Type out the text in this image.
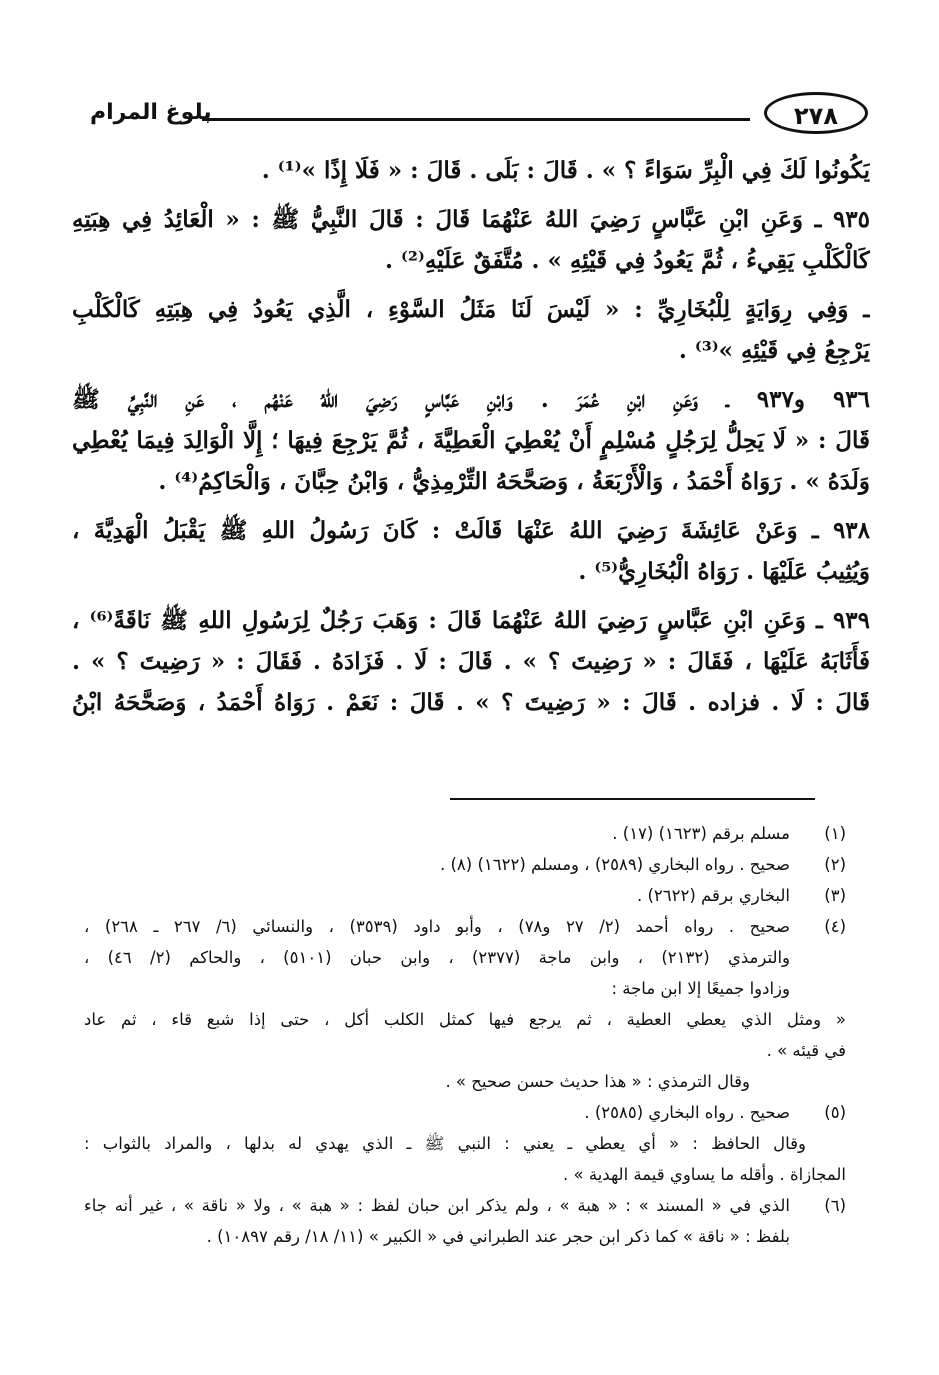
بلوغ المرام	٢٧٨
يَكُونُوا لَكَ فِي الْبِرِّ سَوَاءً ؟ » . قَالَ : بَلَى . قَالَ : « فَلَا إِذًا »⁽¹⁾ .
٩٣٥ ـ وَعَنِ ابْنِ عَبَّاسٍ رَضِيَ اللهُ عَنْهُمَا قَالَ : قَالَ النَّبِيُّ ﷺ : « الْعَائِدُ فِي هِبَتِهِ
كَالْكَلْبِ يَقِيءُ ، ثُمَّ يَعُودُ فِي قَيْئِهِ » . مُتَّفَقٌ عَلَيْهِ⁽²⁾ .
ـ وَفِي رِوَايَةٍ لِلْبُخَارِيِّ : « لَيْسَ لَنَا مَثَلُ السَّوْءِ ، الَّذِي يَعُودُ فِي هِبَتِهِ كَالْكَلْبِ
يَرْجِعُ فِي قَيْئِهِ »⁽³⁾ .
٩٣٦ و٩٣٧ ـ وَعَنِ ابْنِ عُمَرَ . وَابْنِ عَبَّاسٍ رَضِيَ اللهُ عَنْهُم ، عَنِ النَّبِيِّ ﷺ
قَالَ : « لَا يَحِلُّ لِرَجُلٍ مُسْلِمٍ أَنْ يُعْطِيَ الْعَطِيَّةَ ، ثُمَّ يَرْجِعَ فِيهَا ؛ إِلَّا الْوَالِدَ فِيمَا يُعْطِي
وَلَدَهُ » . رَوَاهُ أَحْمَدُ ، وَالْأَرْبَعَةُ ، وَصَحَّحَهُ التِّرْمِذِيُّ ، وَابْنُ حِبَّانَ ، وَالْحَاكِمُ⁽⁴⁾ .
٩٣٨ ـ وَعَنْ عَائِشَةَ رَضِيَ اللهُ عَنْهَا قَالَتْ : كَانَ رَسُولُ اللهِ ﷺ يَقْبَلُ الْهَدِيَّةَ ،
وَيُثِيبُ عَلَيْهَا . رَوَاهُ الْبُخَارِيُّ⁽⁵⁾ .
٩٣٩ ـ وَعَنِ ابْنِ عَبَّاسٍ رَضِيَ اللهُ عَنْهُمَا قَالَ : وَهَبَ رَجُلٌ لِرَسُولِ اللهِ ﷺ نَاقَةً⁽⁶⁾ ،
فَأَثَابَهُ عَلَيْهَا ، فَقَالَ : « رَضِيتَ ؟ » . قَالَ : لَا . فَزَادَهُ . فَقَالَ : « رَضِيتَ ؟ » .
قَالَ : لَا . فزاده . قَالَ : « رَضِيتَ ؟ » . قَالَ : نَعَمْ . رَوَاهُ أَحْمَدُ ، وَصَحَّحَهُ ابْنُ
(١)
مسلم برقم (١٦٢٣) (١٧) .
(٢)
صحيح . رواه البخاري (٢٥٨٩) ، ومسلم (١٦٢٢) (٨) .
(٣)
البخاري برقم (٢٦٢٢) .
(٤)
صحيح . رواه أحمد (٢/ ٢٧ و٧٨) ، وأبو داود (٣٥٣٩) ، والنسائي (٦/ ٢٦٧ ـ ٢٦٨) ،
والترمذي (٢١٣٢) ، وابن ماجة (٢٣٧٧) ، وابن حبان (٥١٠١) ، والحاكم (٢/ ٤٦) ،
وزادوا جميعًا إلا ابن ماجة :
« ومثل الذي يعطي العطية ، ثم يرجع فيها كمثل الكلب أكل ، حتى إذا شبع قاء ، ثم عاد
في قيئه » .
وقال الترمذي : « هذا حديث حسن صحيح » .
(٥)
صحيح . رواه البخاري (٢٥٨٥) .
وقال الحافظ : « أي يعطي ـ يعني : النبي ﷺ ـ الذي يهدي له بدلها ، والمراد بالثواب :
المجازاة . وأقله ما يساوي قيمة الهدية » .
(٦)
الذي في « المسند » : « هبة » ، ولم يذكر ابن حبان لفظ : « هبة » ، ولا « ناقة » ، غير أنه جاء
بلفظ : « ناقة » كما ذكر ابن حجر عند الطبراني في « الكبير » (١١/ ١٨/ رقم ١٠٨٩٧) .
